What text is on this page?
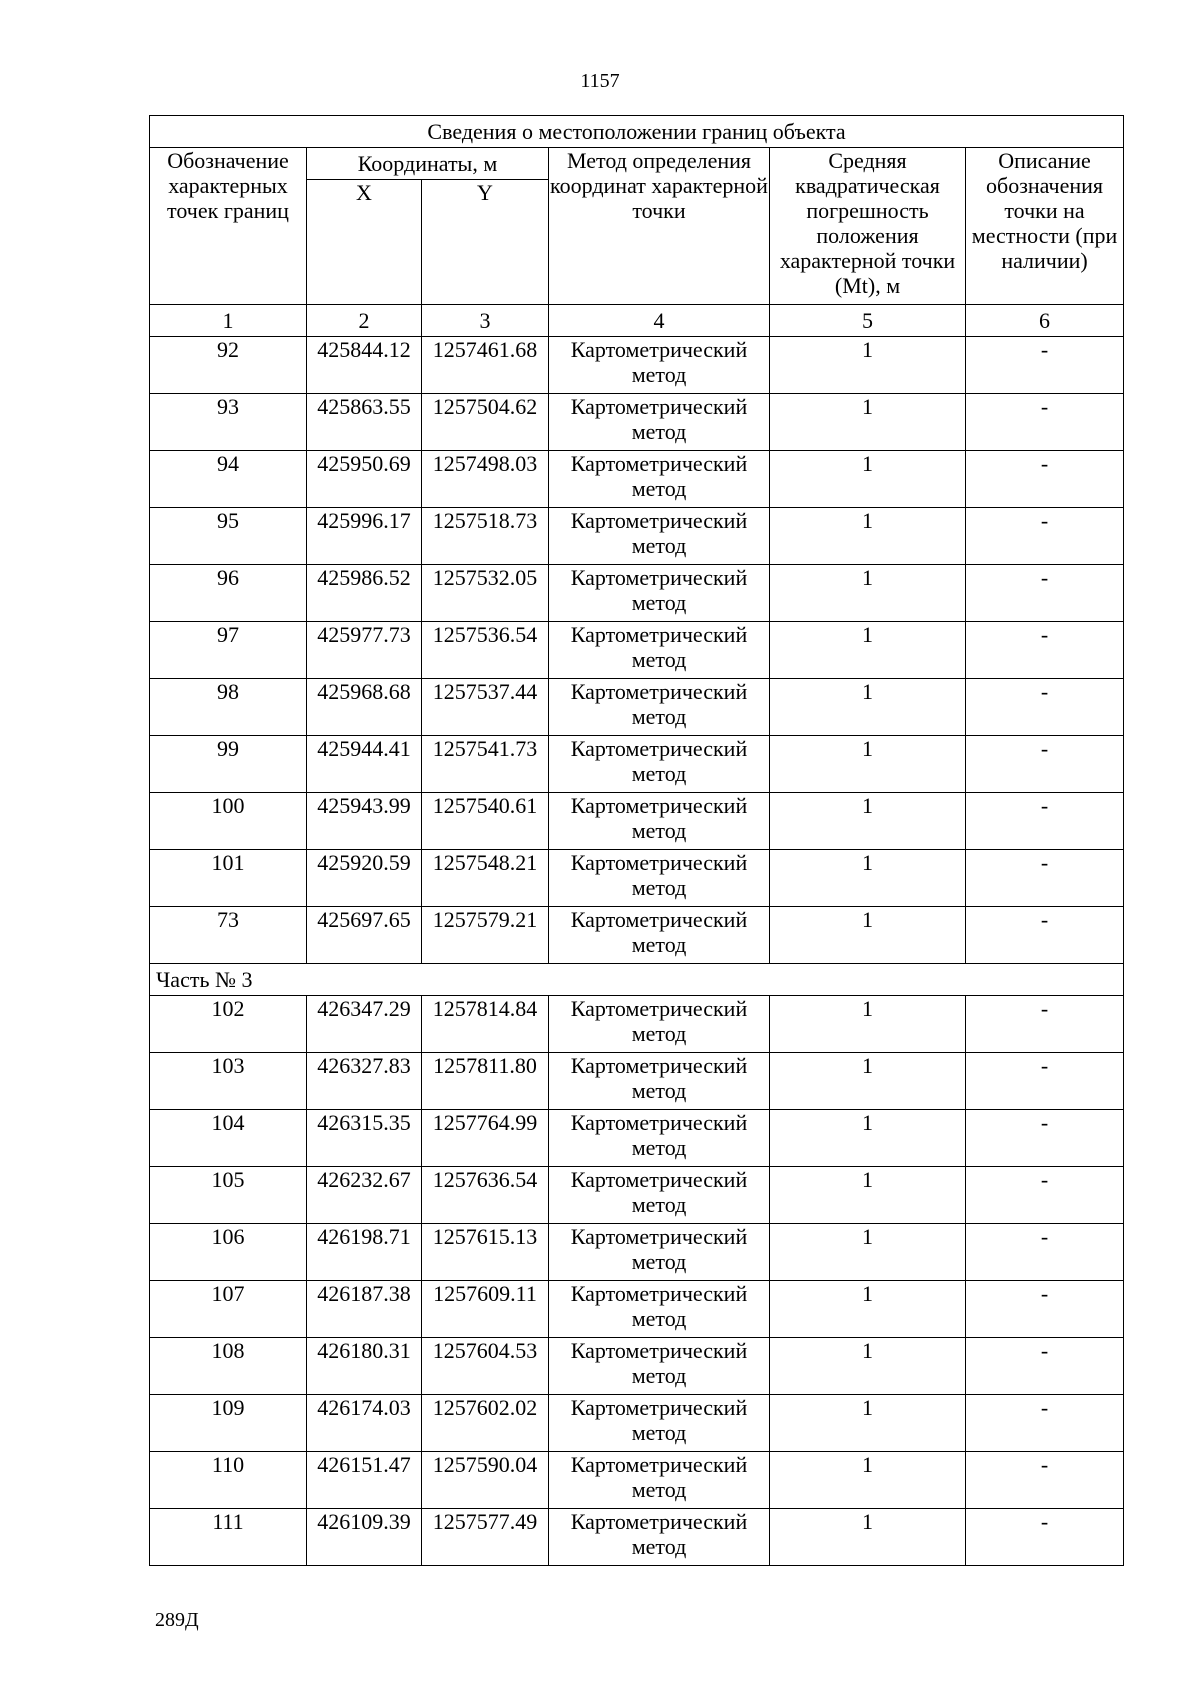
1157
Сведения о местоположении границ объекта					
Обозначение характерных точек границ	Координаты, м		Метод определения координат характерной точки	Средняя квадратическая погрешность положения характерной точки (Mt), м	Описание обозначения точки на местности (при наличии)
	X	Y			
1	2	3	4	5	6
92	425844.12	1257461.68	Картометрический метод	1	-
93	425863.55	1257504.62	Картометрический метод	1	-
94	425950.69	1257498.03	Картометрический метод	1	-
95	425996.17	1257518.73	Картометрический метод	1	-
96	425986.52	1257532.05	Картометрический метод	1	-
97	425977.73	1257536.54	Картометрический метод	1	-
98	425968.68	1257537.44	Картометрический метод	1	-
99	425944.41	1257541.73	Картометрический метод	1	-
100	425943.99	1257540.61	Картометрический метод	1	-
101	425920.59	1257548.21	Картометрический метод	1	-
73	425697.65	1257579.21	Картометрический метод	1	-
Часть № 3					
102	426347.29	1257814.84	Картометрический метод	1	-
103	426327.83	1257811.80	Картометрический метод	1	-
104	426315.35	1257764.99	Картометрический метод	1	-
105	426232.67	1257636.54	Картометрический метод	1	-
106	426198.71	1257615.13	Картометрический метод	1	-
107	426187.38	1257609.11	Картометрический метод	1	-
108	426180.31	1257604.53	Картометрический метод	1	-
109	426174.03	1257602.02	Картометрический метод	1	-
110	426151.47	1257590.04	Картометрический метод	1	-
111	426109.39	1257577.49	Картометрический метод	1	-
289Д
